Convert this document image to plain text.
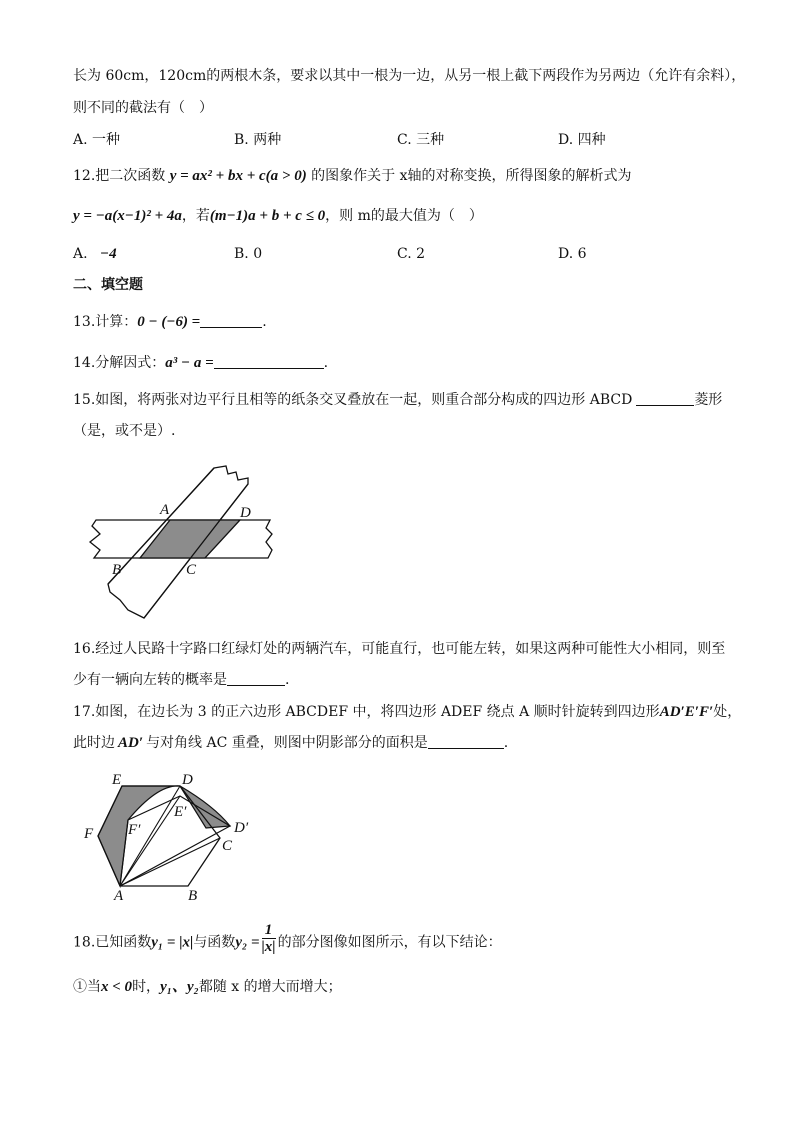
长为 60cm，120cm的两根木条，要求以其中一根为一边，从另一根上截下两段作为另两边（允许有余料），
则不同的截法有（　）
A. 一种	B. 两种	C. 三种	D. 四种
12.把二次函数 y = ax² + bx + c(a > 0) 的图象作关于 x轴的对称变换，所得图象的解析式为
y = −a(x−1)² + 4a，若(m−1)a + b + c ≤ 0，则 m的最大值为（　）
A. −4	B. 0	C. 2	D. 6
二、填空题
13.计算：0 − (−6) =	.
14.分解因式：a³ − a =	.
15.如图，将两张对边平行且相等的纸条交叉叠放在一起，则重合部分构成的四边形 ABCD	菱形
（是，或不是）.
A	D
B	C
16.经过人民路十字路口红绿灯处的两辆汽车，可能直行，也可能左转，如果这两种可能性大小相同，则至
少有一辆向左转的概率是	.
17.如图，在边长为 3 的正六边形 ABCDEF 中，将四边形 ADEF 绕点 A 顺时针旋转到四边形AD′E′F′处，
此时边 AD′ 与对角线 AC 重叠，则图中阴影部分的面积是	.
E	D
E′
F F′	D′
C
A	B
18.已知函数y₁ = |x|与函数$y_2 = \frac{1}{|x|}$ 的部分图像如图所示，有以下结论：
①当x < 0时，y₁、y₂都随 x 的增大而增大；
